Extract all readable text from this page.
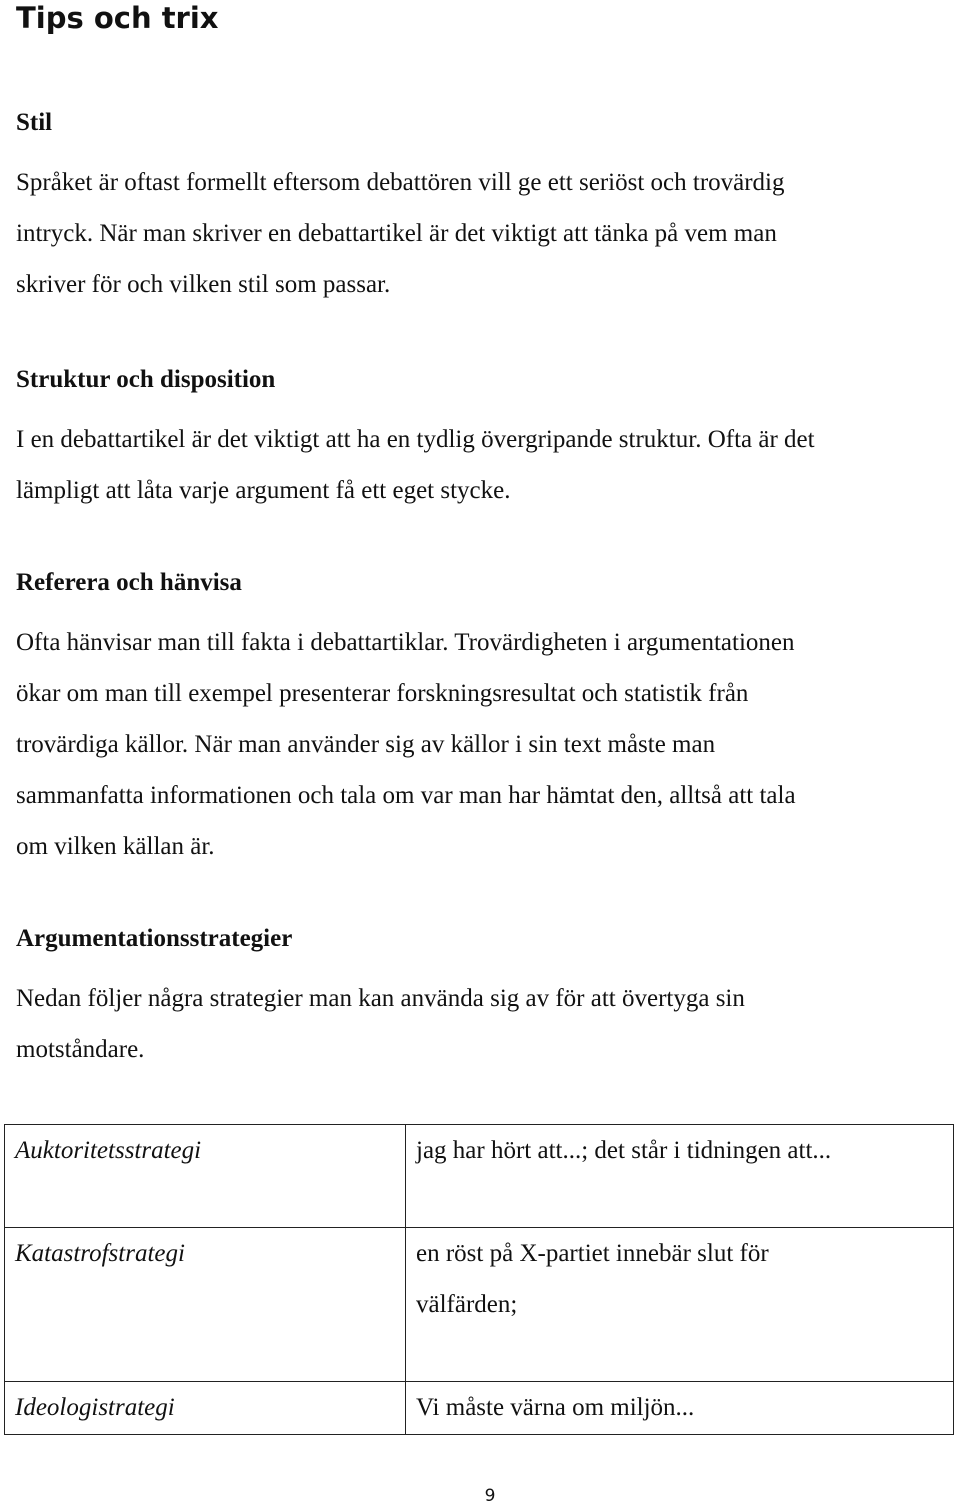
Tips och trix
Stil

Språket är oftast formellt eftersom debattören vill ge ett seriöst och trovärdig
intryck. När man skriver en debattartikel är det viktigt att tänka på vem man
skriver för och vilken stil som passar.

Struktur och disposition

I en debattartikel är det viktigt att ha en tydlig övergripande struktur. Ofta är det
lämpligt att låta varje argument få ett eget stycke.

Referera och hänvisa

Ofta hänvisar man till fakta i debattartiklar. Trovärdigheten i argumentationen
ökar om man till exempel presenterar forskningsresultat och statistik från
trovärdiga källor. När man använder sig av källor i sin text måste man
sammanfatta informationen och tala om var man har hämtat den, alltså att tala
om vilken källan är.

Argumentationsstrategier

Nedan följer några strategier man kan använda sig av för att övertyga sin
motståndare.

Auktoritetsstrategi	jag har hört att...; det står i tidningen att...

Katastrofstrategi	en röst på X-partiet innebär slut för
välfärden;

Ideologistrategi	Vi måste värna om miljön...
9
